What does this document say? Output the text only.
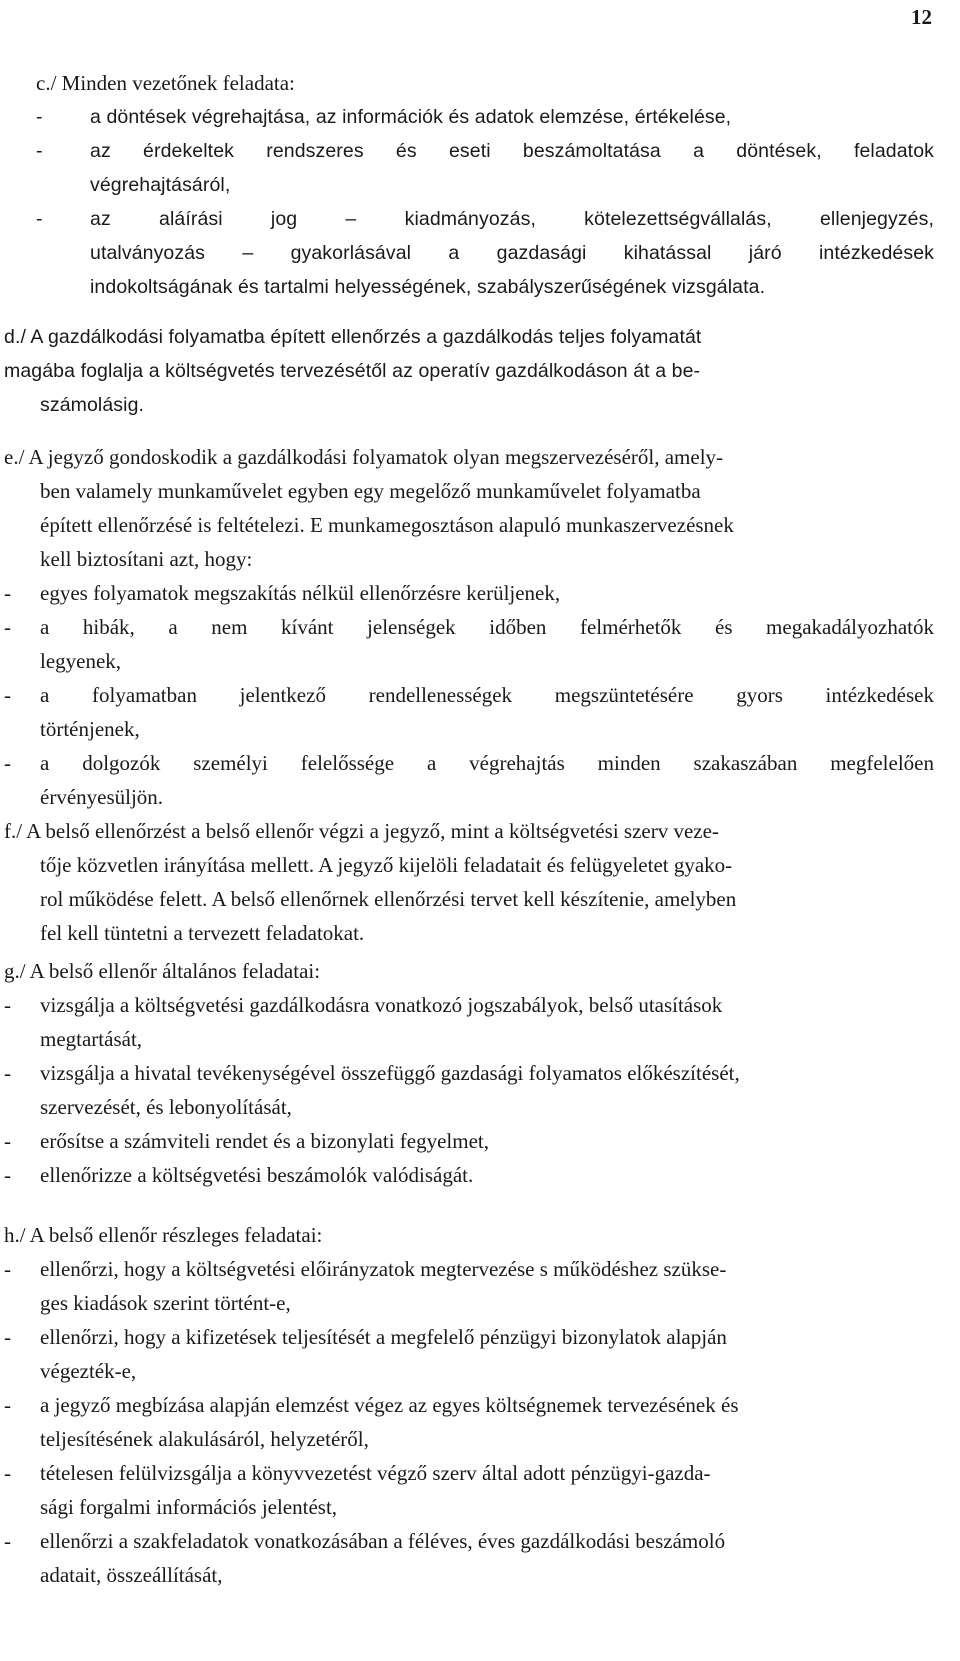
12
c./ Minden vezetőnek feladata:
- a döntések végrehajtása, az információk és adatok elemzése, értékelése,
-	az érdekeltek rendszeres és eseti beszámoltatása a döntések, feladatok
végrehajtásáról,
-	az aláírási jog – kiadmányozás, kötelezettségvállalás, ellenjegyzés,
utalványozás – gyakorlásával a gazdasági kihatással járó intézkedések
indokoltságának és tartalmi helyességének, szabályszerűségének vizsgálata.
d./ A gazdálkodási folyamatba épített ellenőrzés a gazdálkodás teljes folyamatát
magába foglalja a költségvetés tervezésétől az operatív gazdálkodáson át a be-
számolásig.
e./ A jegyző gondoskodik a gazdálkodási folyamatok olyan megszervezéséről, amely-
ben valamely munkaművelet egyben egy megelőző munkaművelet folyamatba
épített ellenőrzésé is feltételezi. E munkamegosztáson alapuló munkaszervezésnek
kell biztosítani azt, hogy:
- egyes folyamatok megszakítás nélkül ellenőrzésre kerüljenek,
-	a hibák, a nem kívánt jelenségek időben felmérhetők és megakadályozhatók
legyenek,
-	a folyamatban jelentkező rendellenességek megszüntetésére gyors intézkedések
történjenek,
-	a dolgozók személyi felelőssége a végrehajtás minden szakaszában megfelelően
érvényesüljön.
f./ A belső ellenőrzést a belső ellenőr végzi a jegyző, mint a költségvetési szerv veze-
tője közvetlen irányítása mellett. A jegyző kijelöli feladatait és felügyeletet gyako-
rol működése felett. A belső ellenőrnek ellenőrzési tervet kell készítenie, amelyben
fel kell tüntetni a tervezett feladatokat.
g./ A belső ellenőr általános feladatai:
- vizsgálja a költségvetési gazdálkodásra vonatkozó jogszabályok, belső utasítások
megtartását,
- vizsgálja a hivatal tevékenységével összefüggő gazdasági folyamatos előkészítését,
szervezését, és lebonyolítását,
- erősítse a számviteli rendet és a bizonylati fegyelmet,
- ellenőrizze a költségvetési beszámolók valódiságát.
h./ A belső ellenőr részleges feladatai:
- ellenőrzi, hogy a költségvetési előirányzatok megtervezése s működéshez szükse-
ges kiadások szerint történt-e,
- ellenőrzi, hogy a kifizetések teljesítését a megfelelő pénzügyi bizonylatok alapján
végezték-e,
- a jegyző megbízása alapján elemzést végez az egyes költségnemek tervezésének és
teljesítésének alakulásáról, helyzetéről,
- tételesen felülvizsgálja a könyvvezetést végző szerv által adott pénzügyi-gazda-
sági forgalmi információs jelentést,
- ellenőrzi a szakfeladatok vonatkozásában a féléves, éves gazdálkodási beszámoló
adatait, összeállítását,
